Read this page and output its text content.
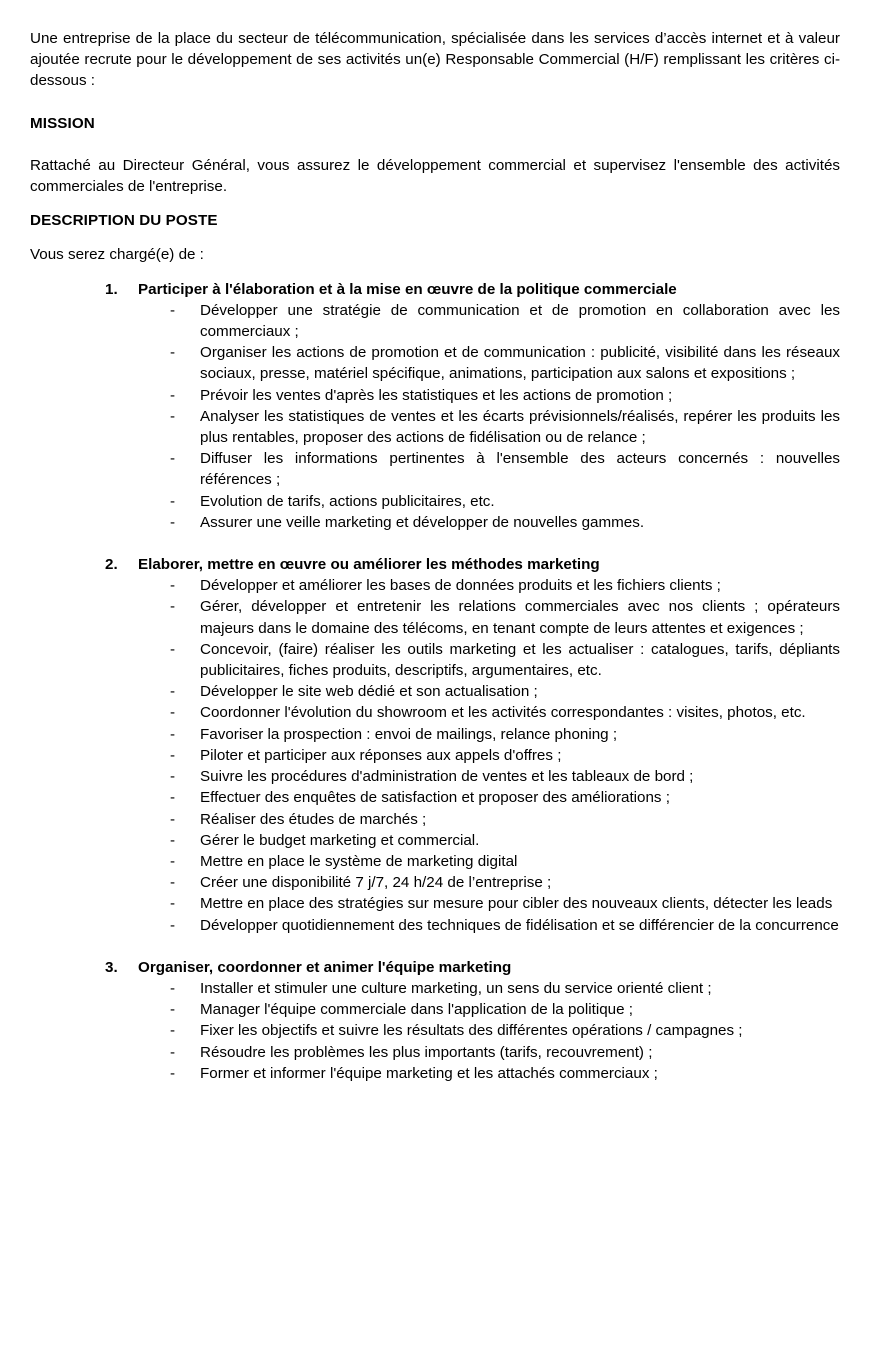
Une entreprise de la place du secteur de télécommunication, spécialisée dans les services d’accès internet et à valeur ajoutée recrute pour le développement de ses activités un(e) Responsable Commercial (H/F) remplissant les critères ci-dessous :

MISSION

Rattaché au Directeur Général, vous assurez le développement commercial et supervisez l'ensemble des activités commerciales de l'entreprise.

DESCRIPTION DU POSTE

Vous serez chargé(e) de :

1.	Participer à l'élaboration et à la mise en œuvre de la politique commerciale
-	Développer une stratégie de communication et de promotion en collaboration avec les commerciaux ;
-	Organiser les actions de promotion et de communication : publicité, visibilité dans les réseaux sociaux, presse, matériel spécifique, animations, participation aux salons et expositions ;
-	Prévoir les ventes d'après les statistiques et les actions de promotion ;
-	Analyser les statistiques de ventes et les écarts prévisionnels/réalisés, repérer les produits les plus rentables, proposer des actions de fidélisation ou de relance ;
-	Diffuser les informations pertinentes à l'ensemble des acteurs concernés : nouvelles références ;
-	Evolution de tarifs, actions publicitaires, etc.
-	Assurer une veille marketing et développer de nouvelles gammes.
2.	Elaborer, mettre en œuvre ou améliorer les méthodes marketing
-	Développer et améliorer les bases de données produits et les fichiers clients ;
-	Gérer, développer et entretenir les relations commerciales avec nos clients ; opérateurs majeurs dans le domaine des télécoms, en tenant compte de leurs attentes et exigences ;
-	Concevoir, (faire) réaliser les outils marketing et les actualiser : catalogues, tarifs, dépliants publicitaires, fiches produits, descriptifs, argumentaires, etc.
-	Développer le site web dédié et son actualisation ;
-	Coordonner l'évolution du showroom et les activités correspondantes : visites, photos, etc.
-	Favoriser la prospection : envoi de mailings, relance phoning ;
-	Piloter et participer aux réponses aux appels d'offres ;
-	Suivre les procédures d'administration de ventes et les tableaux de bord ;
-	Effectuer des enquêtes de satisfaction et proposer des améliorations ;
-	Réaliser des études de marchés ;
-	Gérer le budget marketing et commercial.
-	Mettre en place le système de marketing digital
-	Créer une disponibilité 7 j/7, 24 h/24 de l’entreprise ;
-	Mettre en place des stratégies sur mesure pour cibler des nouveaux clients, détecter les leads
-	Développer quotidiennement des techniques de fidélisation et se différencier de la concurrence
3.	Organiser, coordonner et animer l'équipe marketing
-	Installer et stimuler une culture marketing, un sens du service orienté client ;
-	Manager l'équipe commerciale dans l'application de la politique ;
-	Fixer les objectifs et suivre les résultats des différentes opérations / campagnes ;
-	Résoudre les problèmes les plus importants (tarifs, recouvrement) ;
-	Former et informer l'équipe marketing et les attachés commerciaux ;
